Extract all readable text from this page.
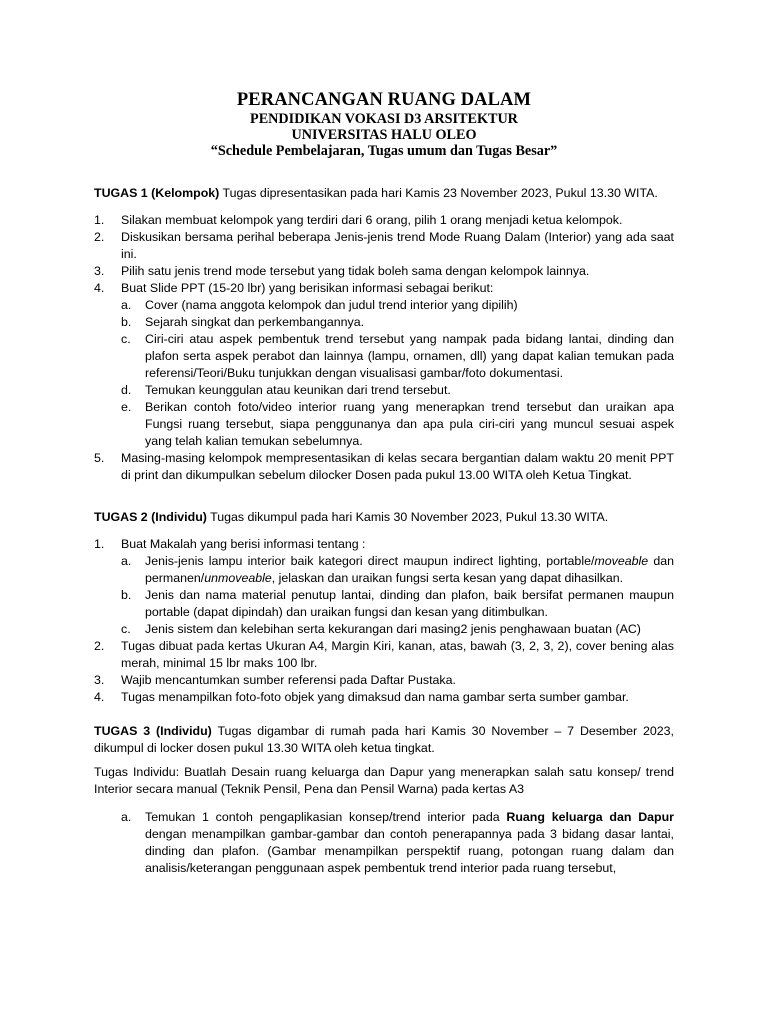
PERANCANGAN RUANG DALAM
PENDIDIKAN VOKASI D3 ARSITEKTUR
UNIVERSITAS HALU OLEO
“Schedule Pembelajaran, Tugas umum dan Tugas Besar”

TUGAS 1 (Kelompok) Tugas dipresentasikan pada hari Kamis 23 November 2023, Pukul 13.30 WITA.

1.	Silakan membuat kelompok yang terdiri dari 6 orang, pilih 1 orang menjadi ketua kelompok.
2.	Diskusikan bersama perihal beberapa Jenis-jenis trend Mode Ruang Dalam (Interior) yang ada saat ini.
3.	Pilih satu jenis trend mode tersebut yang tidak boleh sama dengan kelompok lainnya.
4.	Buat Slide PPT (15-20 lbr) yang berisikan informasi sebagai berikut:
a.	Cover (nama anggota kelompok dan judul trend interior yang dipilih)
b.	Sejarah singkat dan perkembangannya.
c.	Ciri-ciri atau aspek pembentuk trend tersebut yang nampak pada bidang lantai, dinding dan plafon serta aspek perabot dan lainnya (lampu, ornamen, dll) yang dapat kalian temukan pada referensi/Teori/Buku tunjukkan dengan visualisasi gambar/foto dokumentasi.
d.	Temukan keunggulan atau keunikan dari trend tersebut.
e.	Berikan contoh foto/video interior ruang yang menerapkan trend tersebut dan uraikan apa Fungsi ruang tersebut, siapa penggunanya dan apa pula ciri-ciri yang muncul sesuai aspek yang telah kalian temukan sebelumnya.
5.	Masing-masing kelompok mempresentasikan di kelas secara bergantian dalam waktu 20 menit PPT di print dan dikumpulkan sebelum dilocker Dosen pada pukul 13.00 WITA oleh Ketua Tingkat.

TUGAS 2 (Individu) Tugas dikumpul pada hari Kamis 30 November 2023, Pukul 13.30 WITA.

1.	Buat Makalah yang berisi informasi tentang :
a.	Jenis-jenis lampu interior baik kategori direct maupun indirect lighting, portable/moveable dan permanen/unmoveable, jelaskan dan uraikan fungsi serta kesan yang dapat dihasilkan.
b.	Jenis dan nama material penutup lantai, dinding dan plafon, baik bersifat permanen maupun portable (dapat dipindah) dan uraikan fungsi dan kesan yang ditimbulkan.
c.	Jenis sistem dan kelebihan serta kekurangan dari masing2 jenis penghawaan buatan (AC)
2.	Tugas dibuat pada kertas Ukuran A4, Margin Kiri, kanan, atas, bawah (3, 2, 3, 2), cover bening alas merah, minimal 15 lbr maks 100 lbr.
3.	Wajib mencantumkan sumber referensi pada Daftar Pustaka.
4.	Tugas menampilkan foto-foto objek yang dimaksud dan nama gambar serta sumber gambar.

TUGAS 3 (Individu) Tugas digambar di rumah pada hari Kamis 30 November – 7 Desember 2023, dikumpul di locker dosen pukul 13.30 WITA oleh ketua tingkat.

Tugas Individu: Buatlah Desain ruang keluarga dan Dapur yang menerapkan salah satu konsep/ trend Interior secara manual (Teknik Pensil, Pena dan Pensil Warna) pada kertas A3

a.	Temukan 1 contoh pengaplikasian konsep/trend interior pada Ruang keluarga dan Dapur dengan menampilkan gambar-gambar dan contoh penerapannya pada 3 bidang dasar lantai, dinding dan plafon. (Gambar menampilkan perspektif ruang, potongan ruang dalam dan analisis/keterangan penggunaan aspek pembentuk trend interior pada ruang tersebut,
